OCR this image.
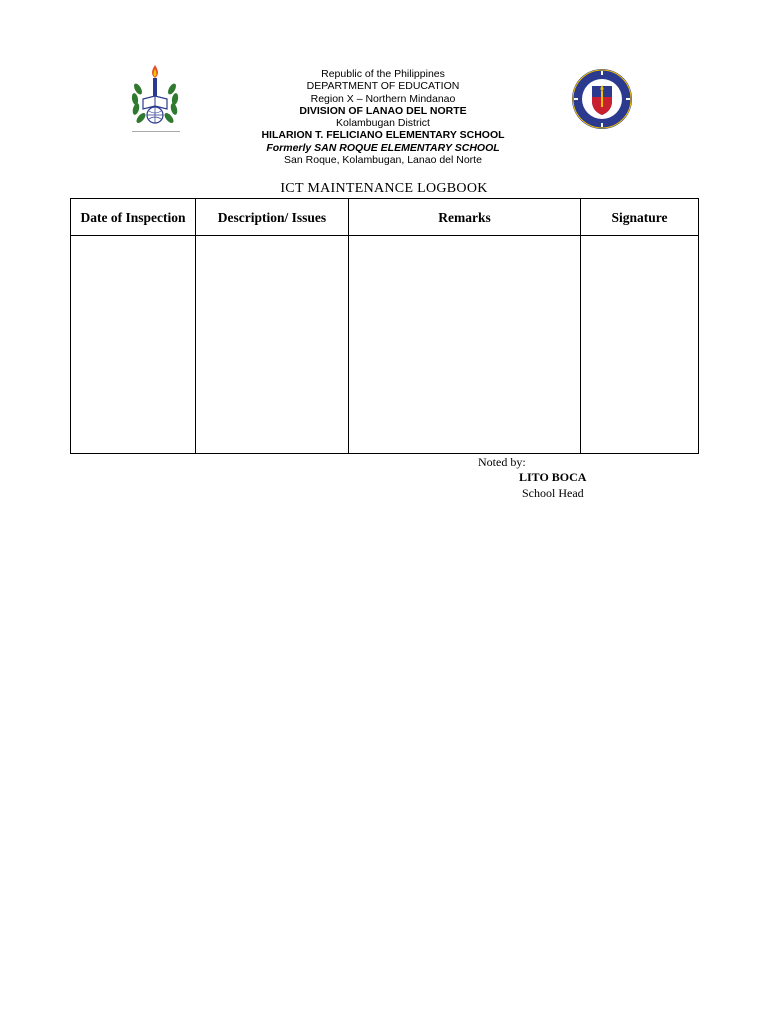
Republic of the Philippines
DEPARTMENT OF EDUCATION
Region X – Northern Mindanao
DIVISION OF LANAO DEL NORTE
Kolambugan District
HILARION T. FELICIANO ELEMENTARY SCHOOL
Formerly SAN ROQUE ELEMENTARY SCHOOL
San Roque, Kolambugan, Lanao del Norte
ICT MAINTENANCE LOGBOOK
Date of Inspection	Description/ Issues	Remarks	Signature

Noted by:
LITO BOCA
School Head
